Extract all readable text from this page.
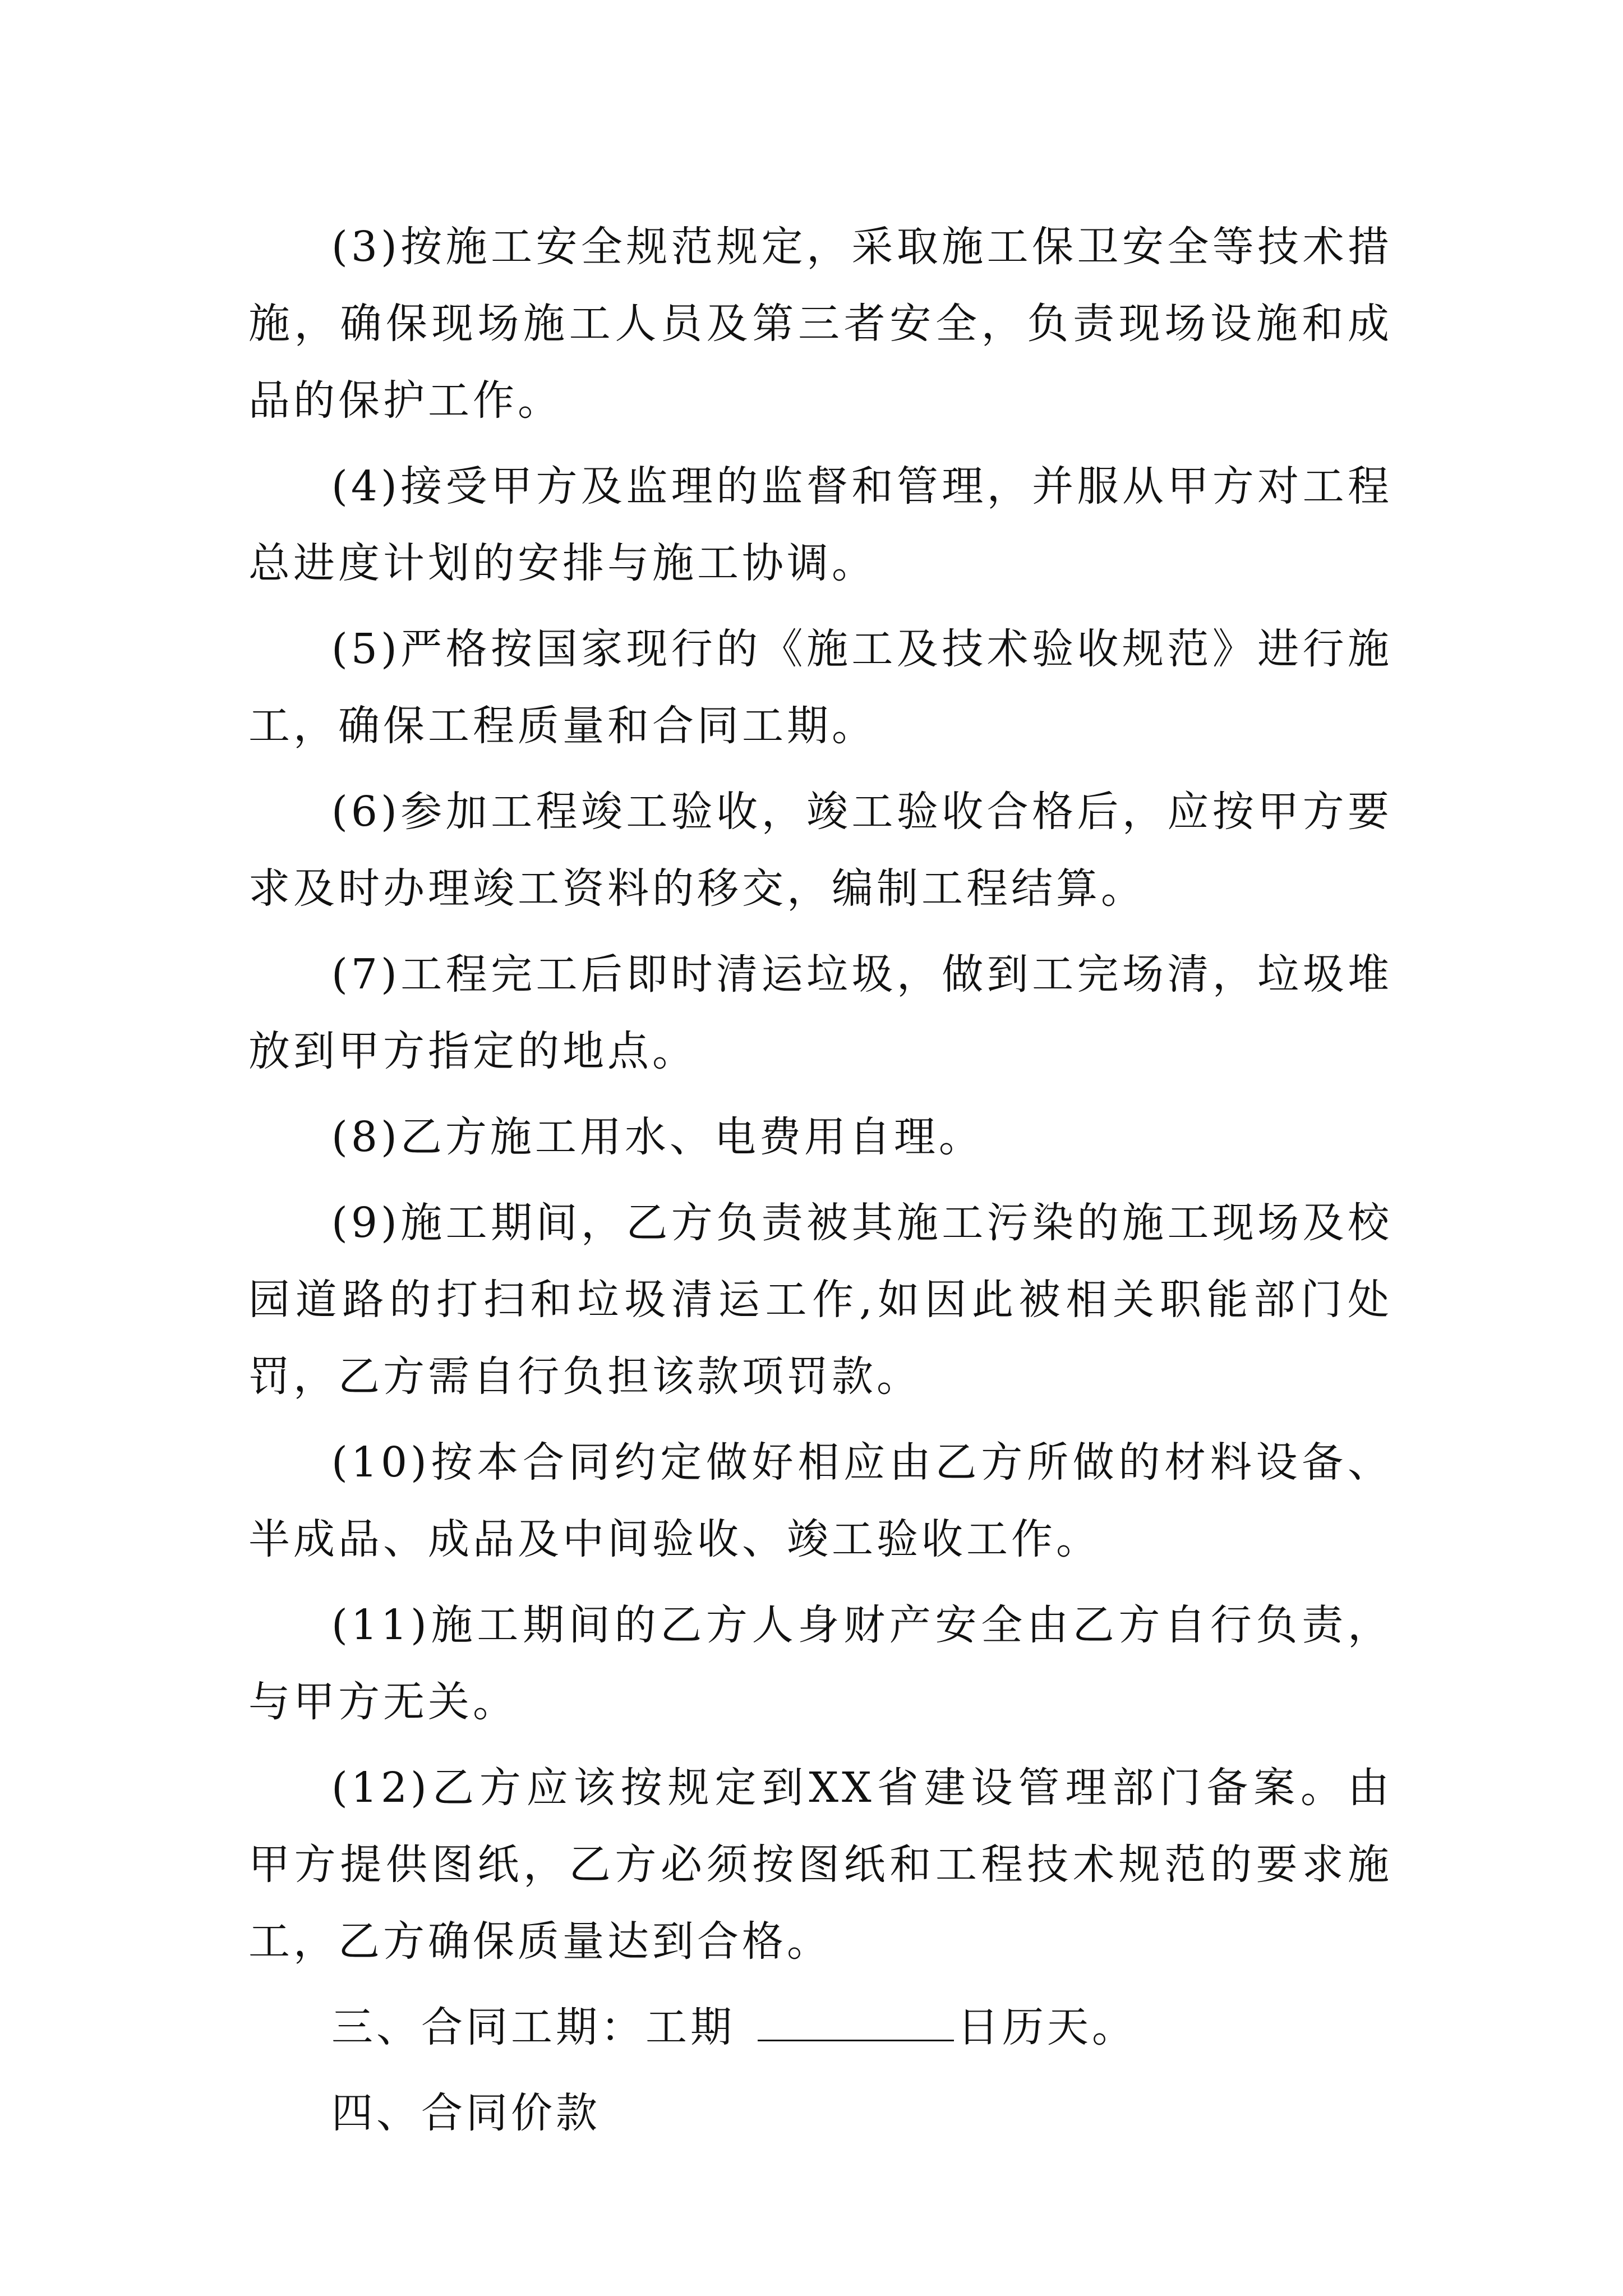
(3)按施工安全规范规定，采取施工保卫安全等技术措施，确保现场施工人员及第三者安全，负责现场设施和成品的保护工作。

(4)接受甲方及监理的监督和管理，并服从甲方对工程总进度计划的安排与施工协调。

(5)严格按国家现行的《施工及技术验收规范》进行施工，确保工程质量和合同工期。

(6)参加工程竣工验收，竣工验收合格后，应按甲方要求及时办理竣工资料的移交，编制工程结算。

(7)工程完工后即时清运垃圾，做到工完场清，垃圾堆放到甲方指定的地点。

(8)乙方施工用水、电费用自理。

(9)施工期间，乙方负责被其施工污染的施工现场及校园道路的打扫和垃圾清运工作,如因此被相关职能部门处罚，乙方需自行负担该款项罚款。

(10)按本合同约定做好相应由乙方所做的材料设备、半成品、成品及中间验收、竣工验收工作。

(11)施工期间的乙方人身财产安全由乙方自行负责，与甲方无关。

(12)乙方应该按规定到XX省建设管理部门备案。由甲方提供图纸，乙方必须按图纸和工程技术规范的要求施工，乙方确保质量达到合格。

三、合同工期：工期	日历天。

四、合同价款
